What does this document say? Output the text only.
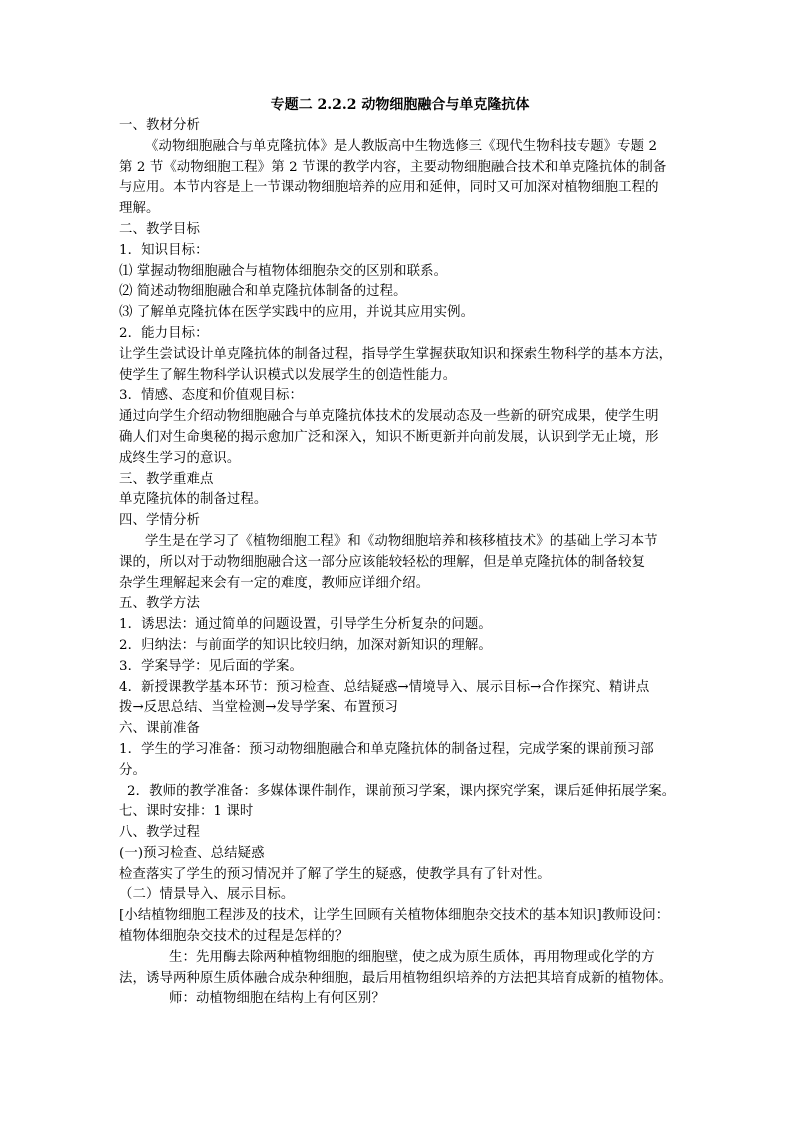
专题二 2.2.2 动物细胞融合与单克隆抗体

一、教材分析

《动物细胞融合与单克隆抗体》是人教版高中生物选修三《现代生物科技专题》专题 2

第 2 节《动物细胞工程》第 2 节课的教学内容，主要动物细胞融合技术和单克隆抗体的制备

与应用。本节内容是上一节课动物细胞培养的应用和延伸，同时又可加深对植物细胞工程的

理解。

二、教学目标

1．知识目标：

⑴ 掌握动物细胞融合与植物体细胞杂交的区别和联系。

⑵ 简述动物细胞融合和单克隆抗体制备的过程。

⑶ 了解单克隆抗体在医学实践中的应用，并说其应用实例。

2．能力目标：

让学生尝试设计单克隆抗体的制备过程，指导学生掌握获取知识和探索生物科学的基本方法，

使学生了解生物科学认识模式以发展学生的创造性能力。

3．情感、态度和价值观目标：

通过向学生介绍动物细胞融合与单克隆抗体技术的发展动态及一些新的研究成果，使学生明

确人们对生命奥秘的揭示愈加广泛和深入，知识不断更新并向前发展，认识到学无止境，形

成终生学习的意识。

三、教学重难点

单克隆抗体的制备过程。

四、学情分析

学生是在学习了《植物细胞工程》和《动物细胞培养和核移植技术》的基础上学习本节

课的，所以对于动物细胞融合这一部分应该能较轻松的理解，但是单克隆抗体的制备较复

杂学生理解起来会有一定的难度，教师应详细介绍。

五、教学方法

1．诱思法：通过简单的问题设置，引导学生分析复杂的问题。

2．归纳法：与前面学的知识比较归纳，加深对新知识的理解。

3．学案导学：见后面的学案。

4．新授课教学基本环节：预习检查、总结疑惑→情境导入、展示目标→合作探究、精讲点

拨→反思总结、当堂检测→发导学案、布置预习

六、课前准备

1．学生的学习准备：预习动物细胞融合和单克隆抗体的制备过程，完成学案的课前预习部

分。

2．教师的教学准备：多媒体课件制作，课前预习学案，课内探究学案，课后延伸拓展学案。

七、课时安排：1 课时

八、教学过程

(一)预习检查、总结疑惑

检查落实了学生的预习情况并了解了学生的疑惑，使教学具有了针对性。

（二）情景导入、展示目标。

[小结植物细胞工程涉及的技术，让学生回顾有关植物体细胞杂交技术的基本知识]教师设问：

植物体细胞杂交技术的过程是怎样的？

生：先用酶去除两种植物细胞的细胞壁，使之成为原生质体，再用物理或化学的方

法，诱导两种原生质体融合成杂种细胞，最后用植物组织培养的方法把其培育成新的植物体。

师：动植物细胞在结构上有何区别？
